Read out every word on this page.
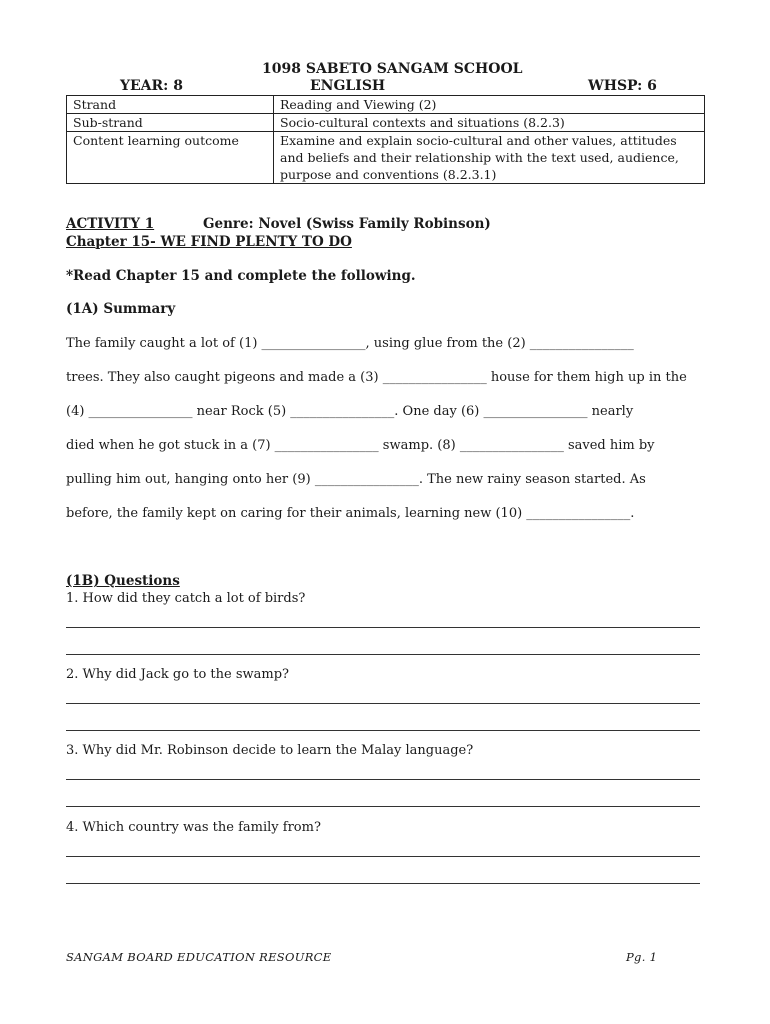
1098 SABETO SANGAM SCHOOL
YEAR: 8	ENGLISH	WHSP: 6
Strand	Reading and Viewing (2)
Sub-strand	Socio-cultural contexts and situations (8.2.3)
Content learning outcome	Examine and explain socio-cultural and other values, attitudes and beliefs and their relationship with the text used, audience, purpose and conventions (8.2.3.1)
ACTIVITY 1	Genre: Novel (Swiss Family Robinson)
Chapter 15- WE FIND PLENTY TO DO
*Read Chapter 15 and complete the following.
(1A) Summary
The family caught a lot of (1) ________________, using glue from the (2) ________________
trees. They also caught pigeons and made a (3) ________________ house for them high up in the
(4) ________________ near Rock (5) ________________. One day (6) ________________ nearly
died when he got stuck in a (7) ________________ swamp. (8) ________________ saved him by
pulling him out, hanging onto her (9) ________________. The new rainy season started. As
before, the family kept on caring for their animals, learning new (10) ________________.
(1B) Questions
1. How did they catch a lot of birds?
2. Why did Jack go to the swamp?
3. Why did Mr. Robinson decide to learn the Malay language?
4. Which country was the family from?
SANGAM BOARD EDUCATION RESOURCE	Pg. 1
